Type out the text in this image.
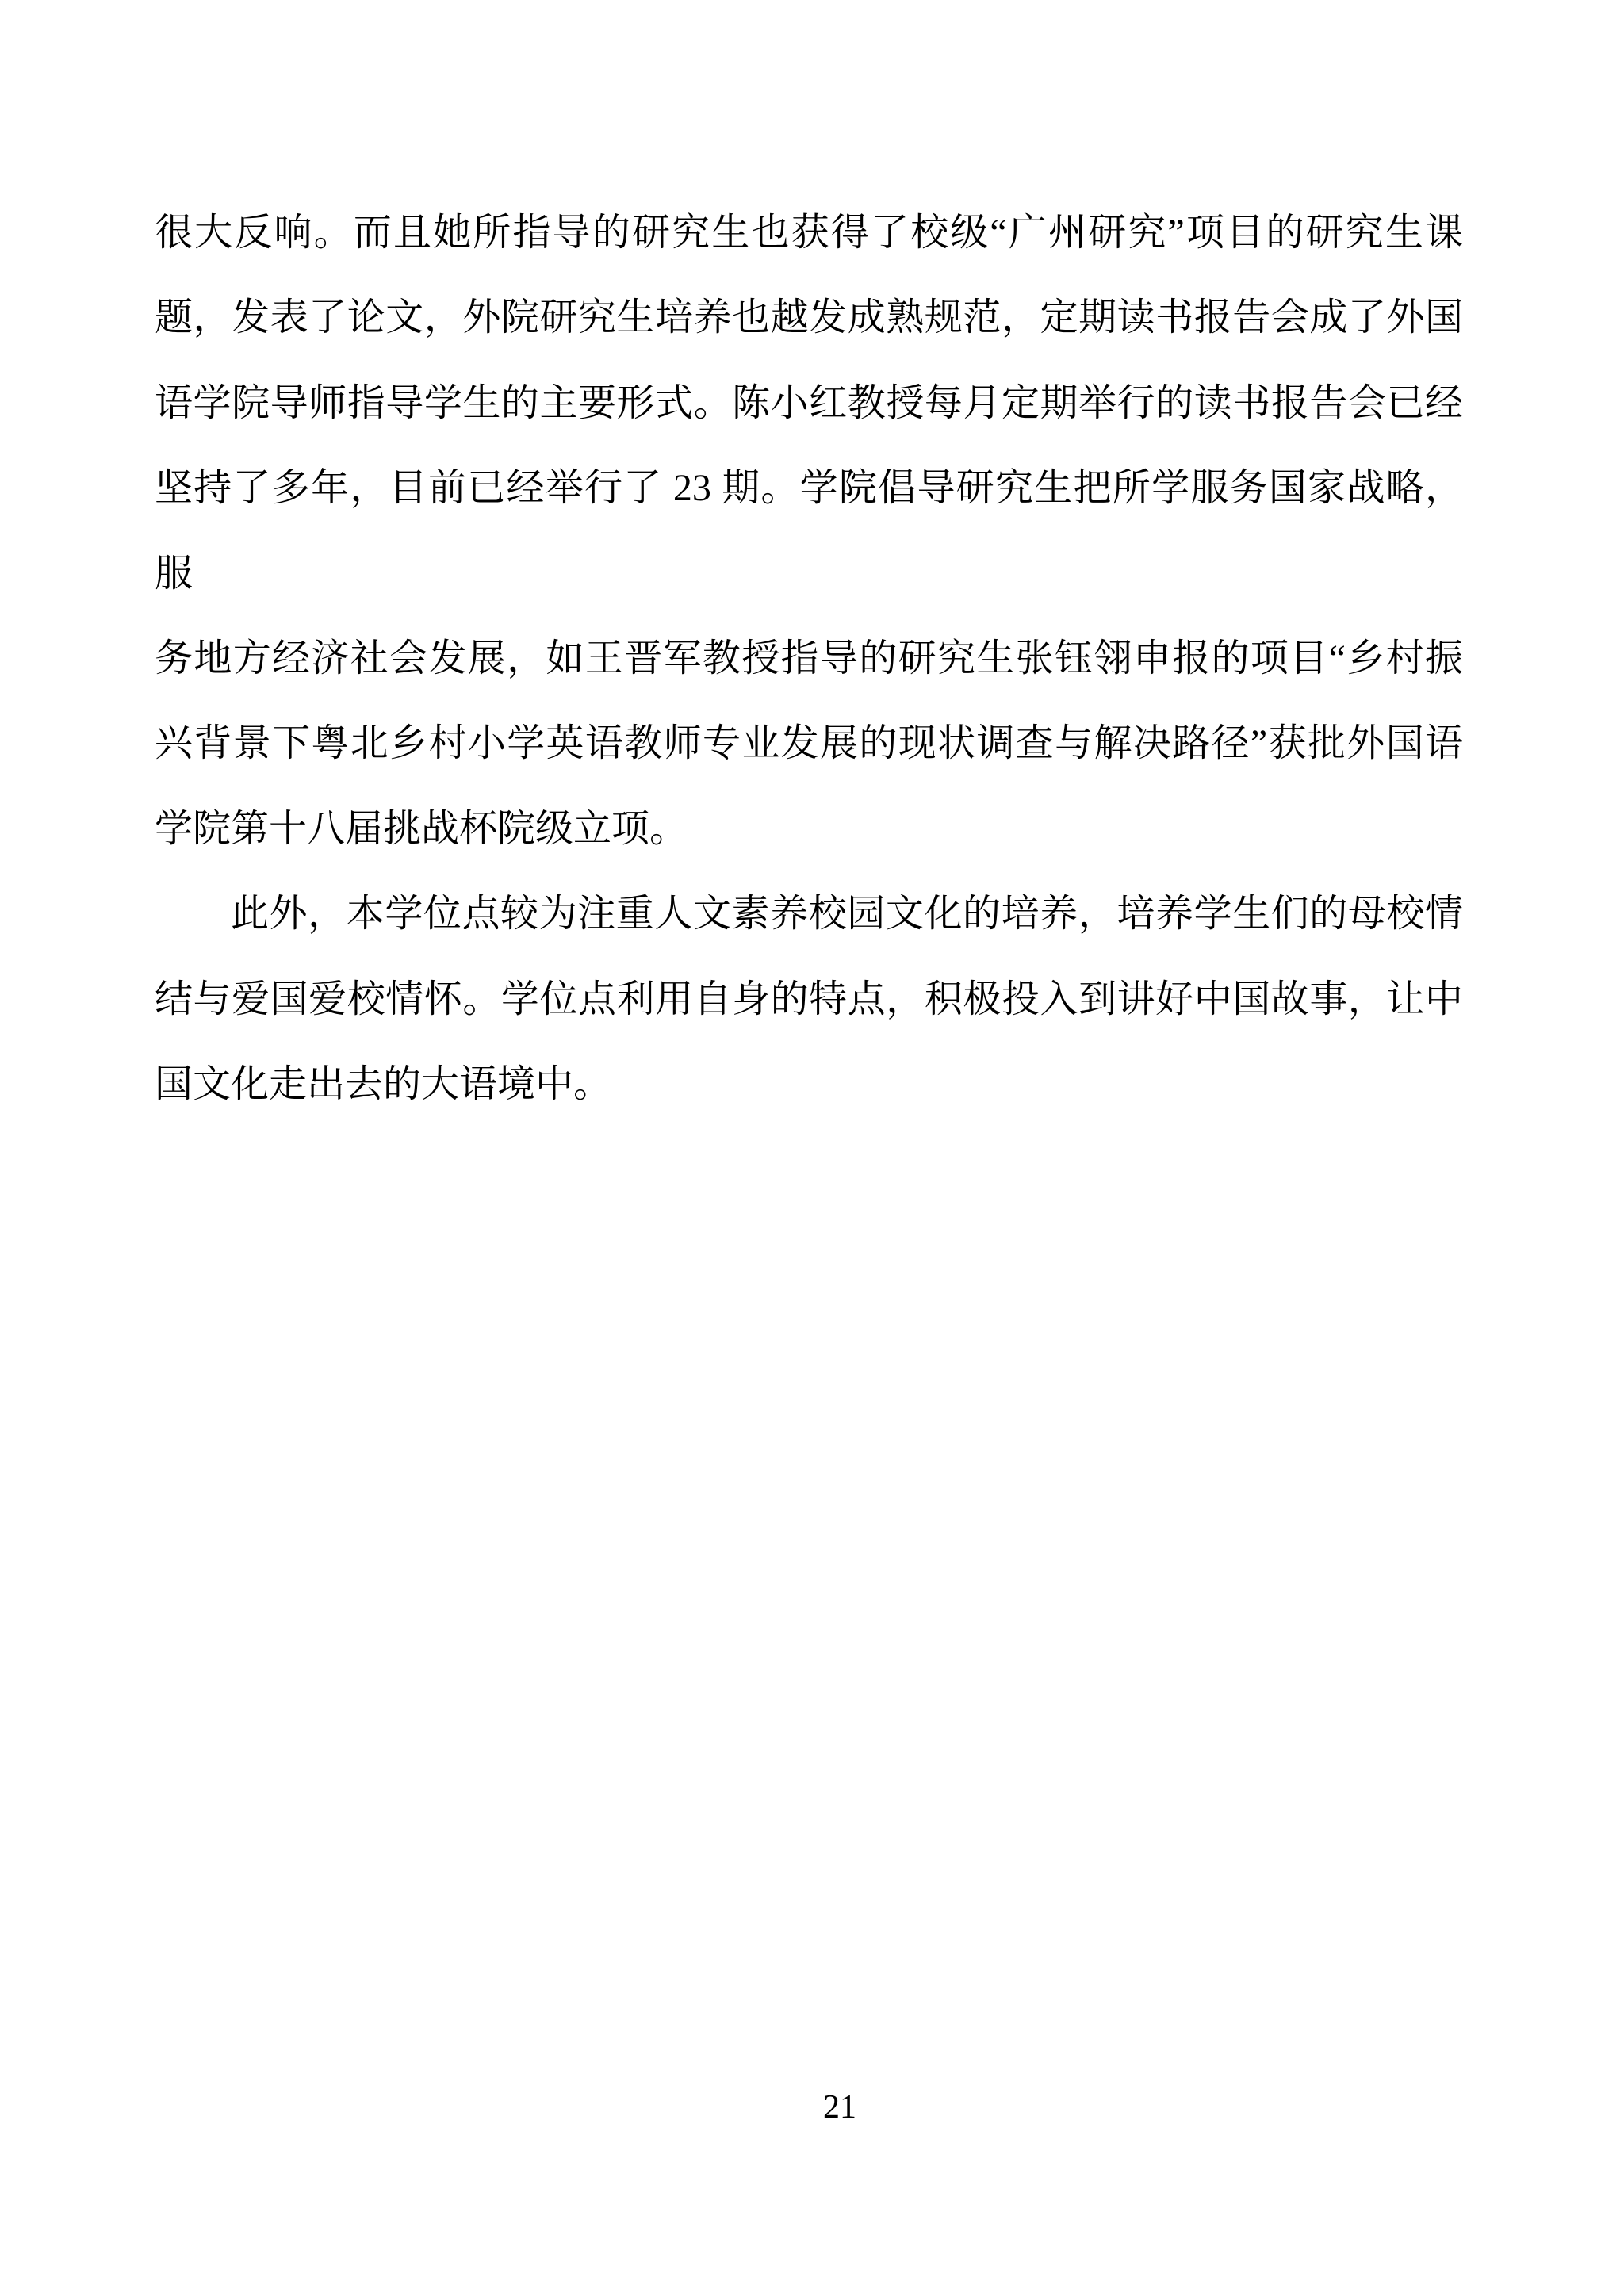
很大反响。而且她所指导的研究生也获得了校级“广州研究”项目的研究生课
题，发表了论文，外院研究生培养也越发成熟规范，定期读书报告会成了外国
语学院导师指导学生的主要形式。陈小红教授每月定期举行的读书报告会已经
坚持了多年，目前已经举行了 23 期。学院倡导研究生把所学服务国家战略，服
务地方经济社会发展，如王晋军教授指导的研究生张钰翎申报的项目“乡村振
兴背景下粤北乡村小学英语教师专业发展的现状调查与解决路径”获批外国语
学院第十八届挑战杯院级立项。
此外，本学位点较为注重人文素养校园文化的培养，培养学生们的母校情
结与爱国爱校情怀。学位点利用自身的特点，积极投入到讲好中国故事，让中
国文化走出去的大语境中。
21
